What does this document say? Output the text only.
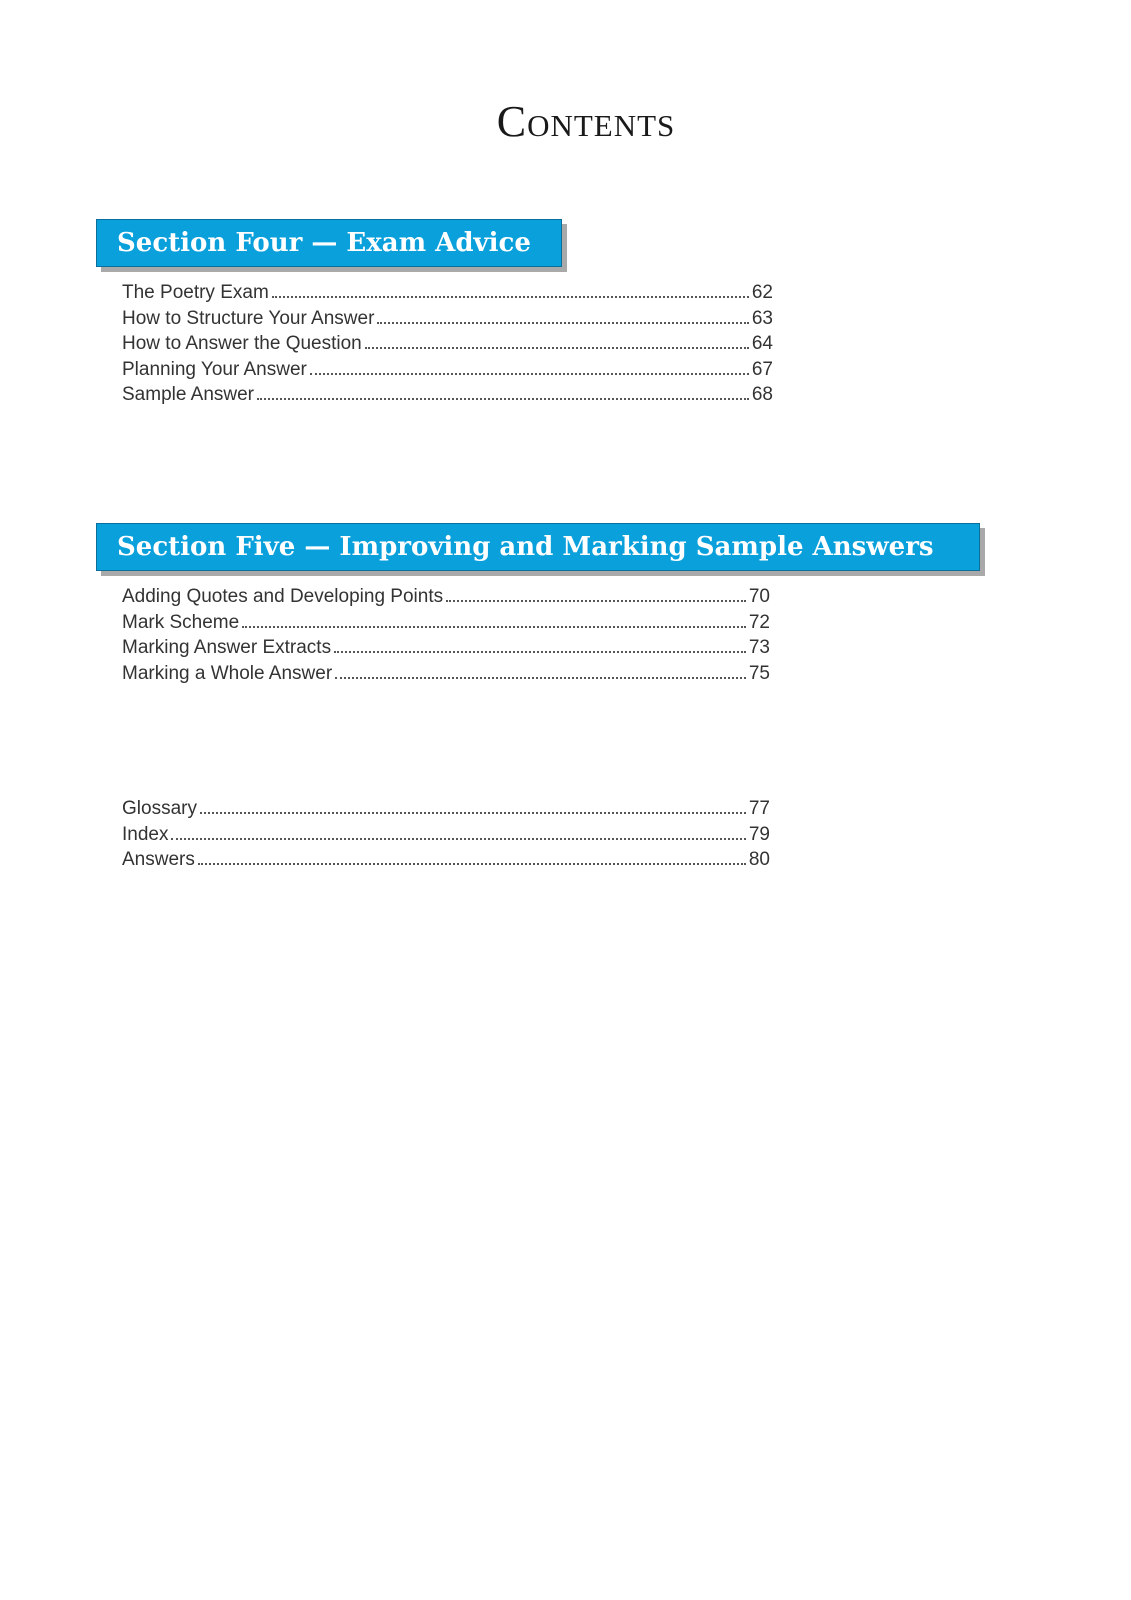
Contents
Section Four — Exam Advice
The Poetry Exam	62
How to Structure Your Answer	63
How to Answer the Question	64
Planning Your Answer	67
Sample Answer	68
Section Five — Improving and Marking Sample Answers
Adding Quotes and Developing Points	70
Mark Scheme	72
Marking Answer Extracts	73
Marking a Whole Answer	75
Glossary	77
Index	79
Answers	80
